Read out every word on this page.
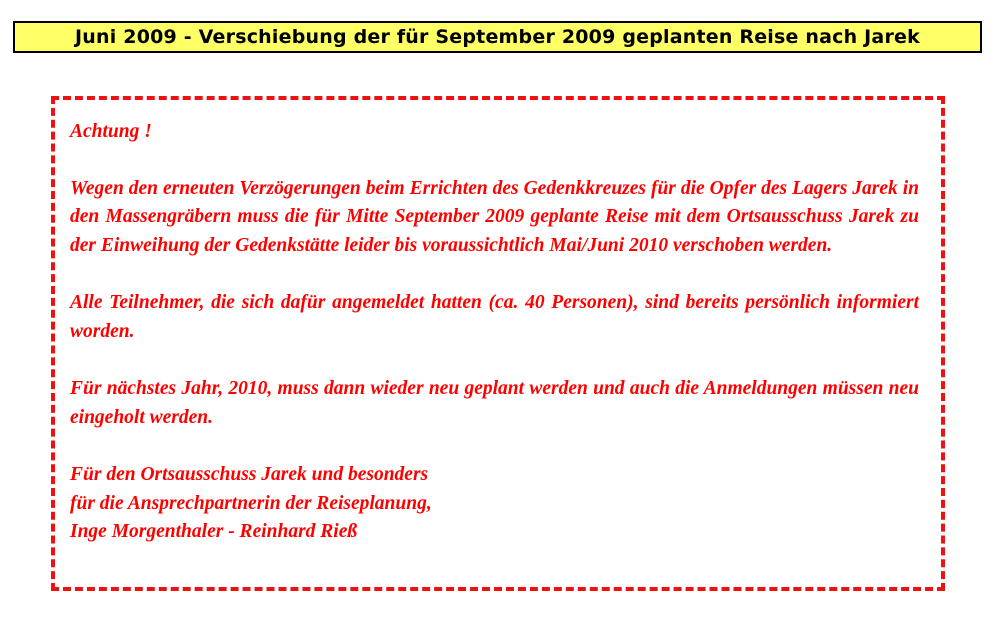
Juni 2009 - Verschiebung der für September 2009 geplanten Reise nach Jarek

Achtung !

Wegen den erneuten Verzögerungen beim Errichten des Gedenkkreuzes für die Opfer des Lagers Jarek in den Massengräbern muss die für Mitte September 2009 geplante Reise mit dem Ortsausschuss Jarek zu der Einweihung der Gedenkstätte leider bis voraussichtlich Mai/Juni 2010 verschoben werden.

Alle Teilnehmer, die sich dafür angemeldet hatten (ca. 40 Personen), sind bereits persönlich informiert worden.

Für nächstes Jahr, 2010, muss dann wieder neu geplant werden und auch die Anmeldungen müssen neu eingeholt werden.

Für den Ortsausschuss Jarek und besonders
für die Ansprechpartnerin der Reiseplanung,
Inge Morgenthaler - Reinhard Rieß
